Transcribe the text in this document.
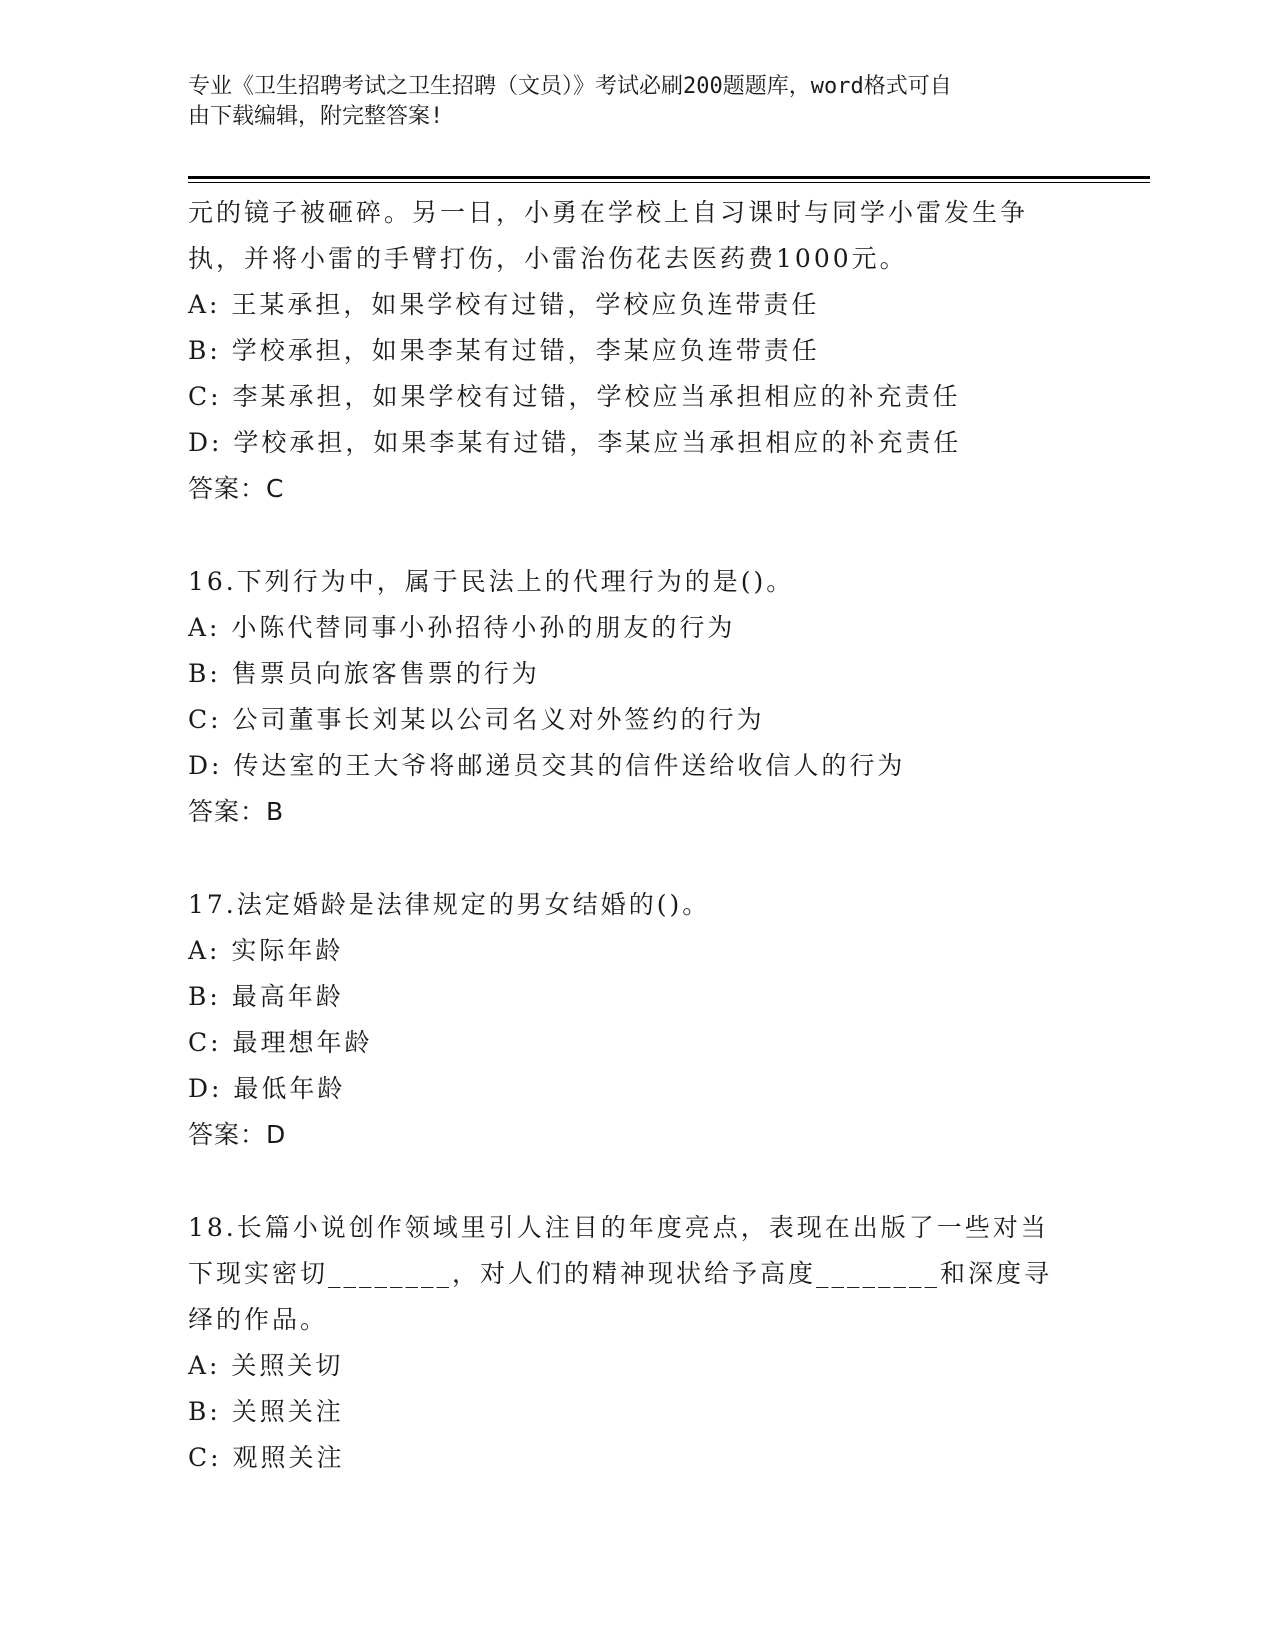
专业《卫生招聘考试之卫生招聘（文员）》考试必刷200题题库，word格式可自
由下载编辑，附完整答案!
元的镜子被砸碎。另一日，小勇在学校上自习课时与同学小雷发生争
执，并将小雷的手臂打伤，小雷治伤花去医药费1000元。
A: 王某承担，如果学校有过错，学校应负连带责任
B: 学校承担，如果李某有过错，李某应负连带责任
C: 李某承担，如果学校有过错，学校应当承担相应的补充责任
D: 学校承担，如果李某有过错，李某应当承担相应的补充责任
答案：C
16.下列行为中，属于民法上的代理行为的是()。
A: 小陈代替同事小孙招待小孙的朋友的行为
B: 售票员向旅客售票的行为
C: 公司董事长刘某以公司名义对外签约的行为
D: 传达室的王大爷将邮递员交其的信件送给收信人的行为
答案：B
17.法定婚龄是法律规定的男女结婚的()。
A: 实际年龄
B: 最高年龄
C: 最理想年龄
D: 最低年龄
答案：D
18.长篇小说创作领域里引人注目的年度亮点，表现在出版了一些对当
下现实密切________，对人们的精神现状给予高度________和深度寻
绎的作品。
A: 关照关切
B: 关照关注
C: 观照关注
